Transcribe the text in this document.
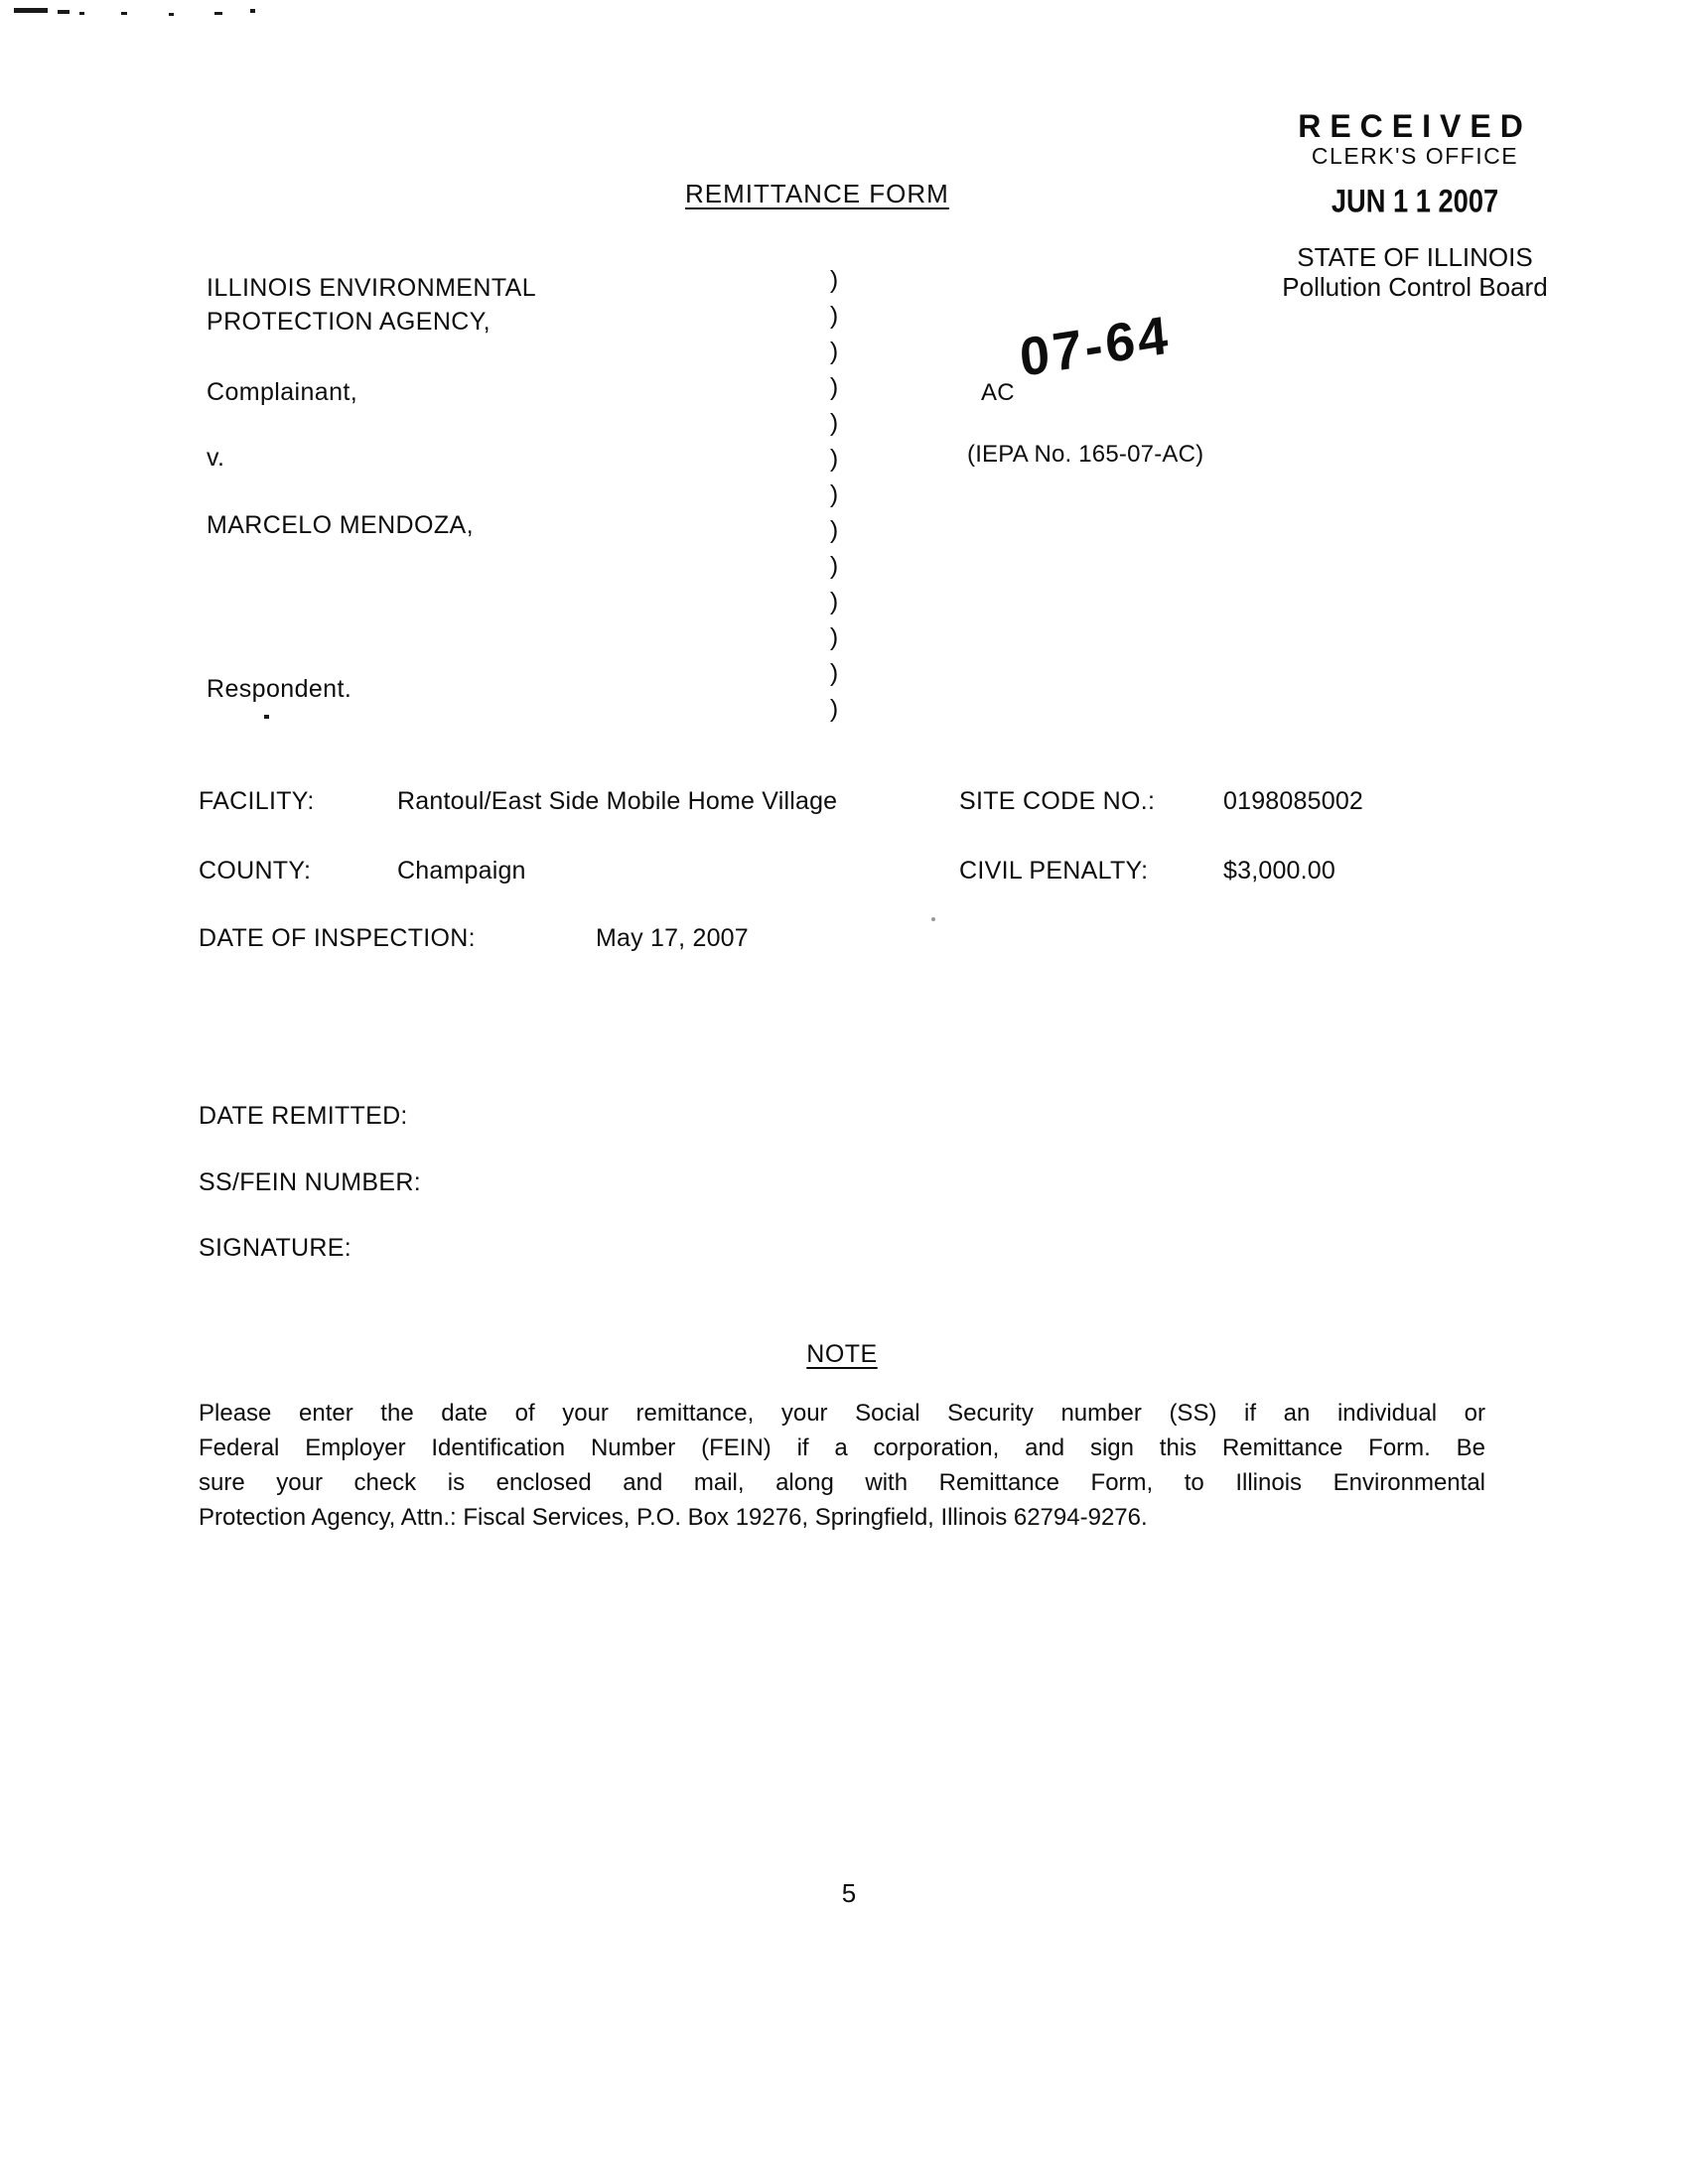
REMITTANCE FORM
RECEIVED
CLERK'S OFFICE
JUN 1 1 2007
STATE OF ILLINOIS
Pollution Control Board
ILLINOIS ENVIRONMENTAL
PROTECTION AGENCY,
Complainant,
v.
MARCELO MENDOZA,
Respondent.
)
)
)
)
)
)
)
)
)
)
)
)
)
AC
07-64
(IEPA No. 165-07-AC)
FACILITY:	Rantoul/East Side Mobile Home Village	SITE CODE NO.:	0198085002
COUNTY:	Champaign	CIVIL PENALTY:	$3,000.00
DATE OF INSPECTION:	May 17, 2007
DATE REMITTED:
SS/FEIN NUMBER:
SIGNATURE:
NOTE
Please enter the date of your remittance, your Social Security number (SS) if an individual or
Federal Employer Identification Number (FEIN) if a corporation, and sign this Remittance Form. Be
sure your check is enclosed and mail, along with Remittance Form, to Illinois Environmental
Protection Agency, Attn.: Fiscal Services, P.O. Box 19276, Springfield, Illinois 62794-9276.
5
